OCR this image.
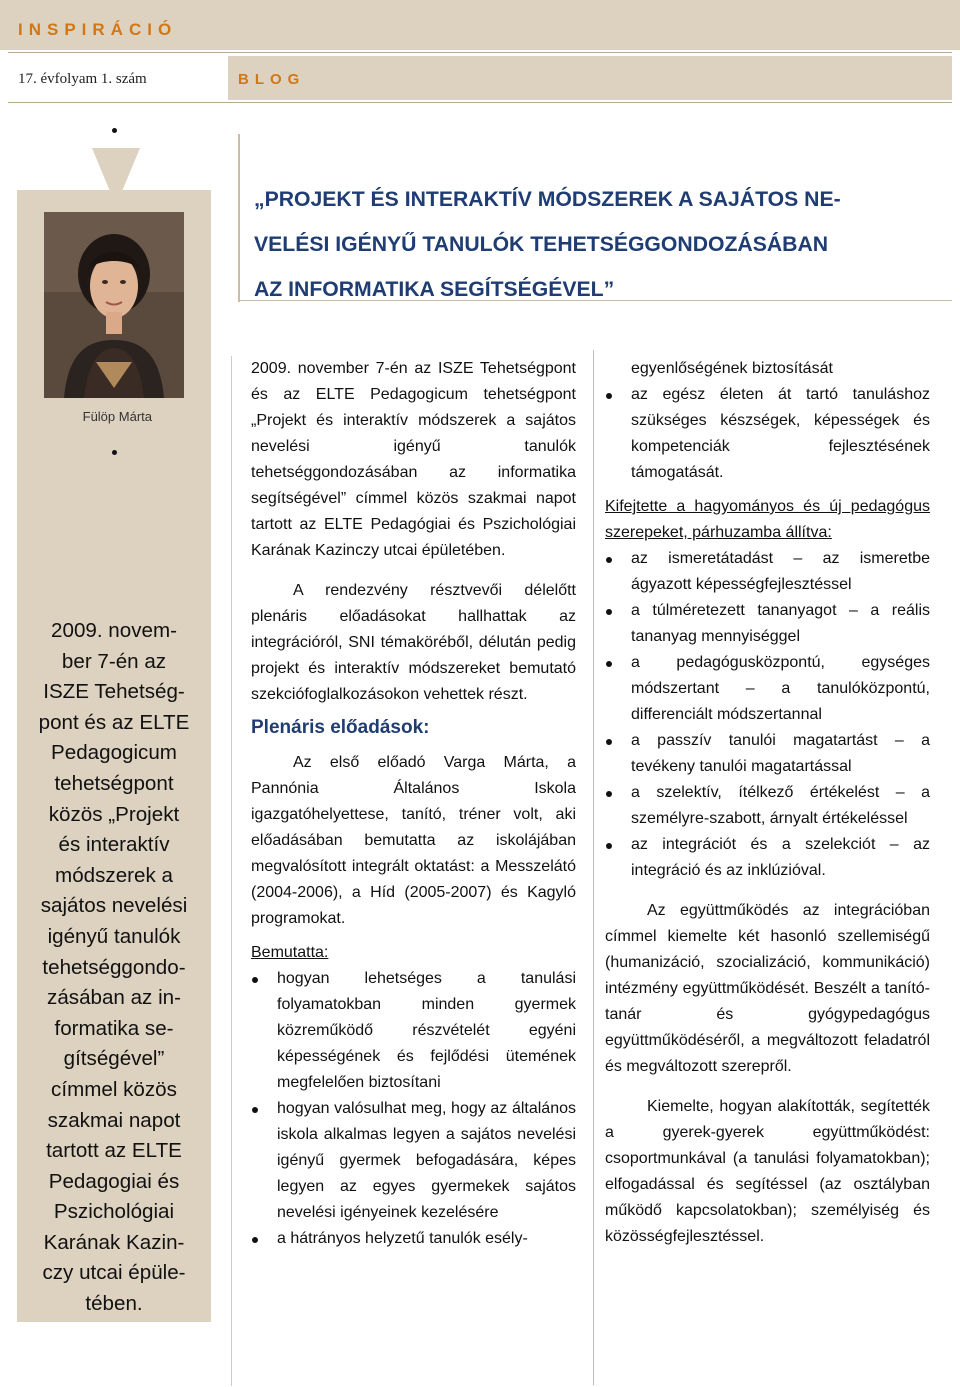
INSPIRÁCIÓ
17. évfolyam 1. szám	BLOG
Fülöp Márta
2009. novem-
ber 7-én az
ISZE Tehetség-
pont és az ELTE
Pedagogicum
tehetségpont
közös „Projekt
és interaktív
módszerek a
sajátos nevelési
igényű tanulók
tehetséggondo-
zásában az in-
formatika se-
gítségével”
címmel közös
szakmai napot
tartott az ELTE
Pedagogiai és
Pszichológiai
Karának Kazin-
czy utcai épüle-
tében.
„PROJEKT ÉS INTERAKTÍV MÓDSZEREK A SAJÁTOS NE-
VELÉSI IGÉNYŰ TANULÓK TEHETSÉGGONDOZÁSÁBAN
AZ INFORMATIKA SEGÍTSÉGÉVEL”

2009. november 7-én az ISZE Tehetségpont és az ELTE Pedagogicum tehetségpont „Projekt és interaktív módszerek a sajátos nevelési igényű tanulók tehetséggondozásában az informatika segítségével” címmel közös szakmai napot tartott az ELTE Pedagógiai és Pszichológiai Karának Kazinczy utcai épületében.

A rendezvény résztvevői délelőtt plenáris előadásokat hallhattak az integrációról, SNI témaköréből, délután pedig projekt és interaktív módszereket bemutató szekciófoglalkozásokon vehettek részt.

Plenáris előadások:

Az első előadó Varga Márta, a Pannónia Általános Iskola igazgatóhelyettese, tanító, tréner volt, aki előadásában bemutatta az iskolájában megvalósított integrált oktatást: a Messzelátó (2004-2006), a Híd (2005-2007) és Kagyló programokat.

Bemutatta:

hogyan lehetséges a tanulási folyamatokban minden gyermek közreműködő részvételét egyéni képességének és fejlődési ütemének megfelelően biztosítani
hogyan valósulhat meg, hogy az általános iskola alkalmas legyen a sajátos nevelési igényű gyermek befogadására, képes legyen az egyes gyermekek sajátos nevelési igényeinek kezelésére
a hátrányos helyzetű tanulók esély-

egyenlőségének biztosítását

az egész életen át tartó tanuláshoz szükséges készségek, képességek és kompetenciák fejlesztésének támogatását.

Kifejtette a hagyományos és új pedagógus szerepeket, párhuzamba állítva:

az ismeretátadást – az ismeretbe ágyazott képességfejlesztéssel
a túlméretezett tananyagot – a reális tananyag mennyiséggel
a pedagógusközpontú, egységes módszertant – a tanulóközpontú, differenciált módszertannal
a passzív tanulói magatartást – a tevékeny tanulói magatartással
a szelektív, ítélkező értékelést – a személyre-szabott, árnyalt értékeléssel
az integrációt és a szelekciót – az integráció és az inklúzióval.

Az együttműködés az integrációban címmel kiemelte két hasonló szellemiségű (humanizáció, szocializáció, kommunikáció) intézmény együttműködését. Beszélt a tanító-tanár és gyógypedagógus együttműködéséről, a megváltozott feladatról és megváltozott szerepről.

Kiemelte, hogyan alakították, segítették a gyerek-gyerek együttműködést: csoportmunkával (a tanulási folyamatokban); elfogadással és segítéssel (az osztályban működő kapcsolatokban); személyiség és közösségfejlesztéssel.
